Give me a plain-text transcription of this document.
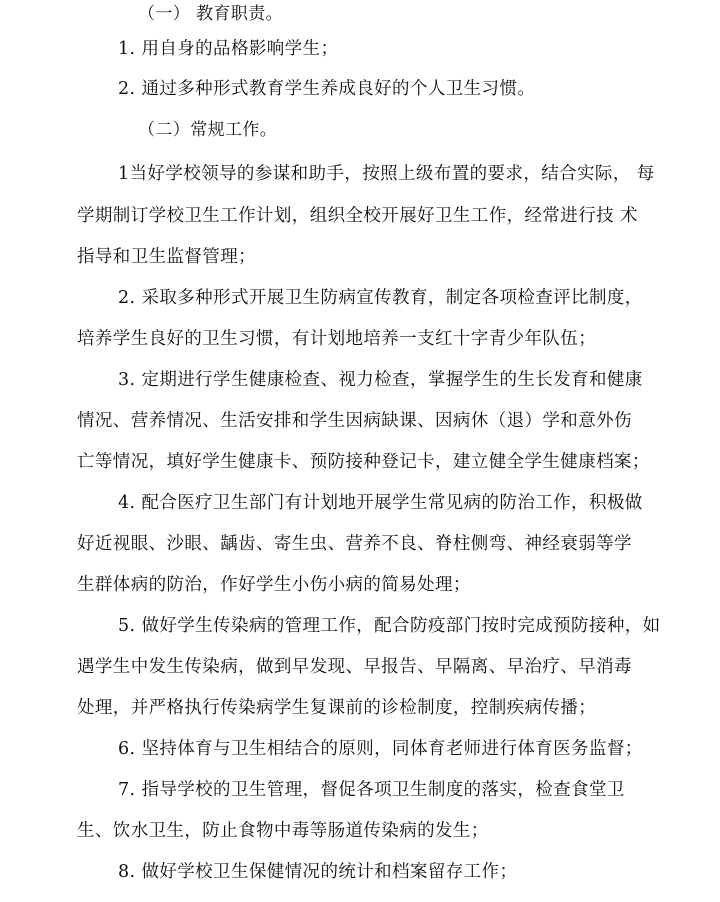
（一） 教育职责。
1. 用自身的品格影响学生；
2. 通过多种形式教育学生养成良好的个人卫生习惯。
（二）常规工作。
1当好学校领导的参谋和助手，按照上级布置的要求，结合实际， 每
学期制订学校卫生工作计划，组织全校开展好卫生工作，经常进行技 术
指导和卫生监督管理；
2. 采取多种形式开展卫生防病宣传教育，制定各项检查评比制度，
培养学生良好的卫生习惯，有计划地培养一支红十字青少年队伍；
3. 定期进行学生健康检查、视力检查，掌握学生的生长发育和健康
情况、营养情况、生活安排和学生因病缺课、因病休（退）学和意外伤
亡等情况，填好学生健康卡、预防接种登记卡，建立健全学生健康档案；
4. 配合医疗卫生部门有计划地开展学生常见病的防治工作，积极做
好近视眼、沙眼、龋齿、寄生虫、营养不良、脊柱侧弯、神经衰弱等学
生群体病的防治，作好学生小伤小病的简易处理；
5. 做好学生传染病的管理工作，配合防疫部门按时完成预防接种，如
遇学生中发生传染病，做到早发现、早报告、早隔离、早治疗、早消毒
处理，并严格执行传染病学生复课前的诊检制度，控制疾病传播；
6. 坚持体育与卫生相结合的原则，同体育老师进行体育医务监督；
7. 指导学校的卫生管理，督促各项卫生制度的落实，检查食堂卫
生、饮水卫生，防止食物中毒等肠道传染病的发生；
8. 做好学校卫生保健情况的统计和档案留存工作；
